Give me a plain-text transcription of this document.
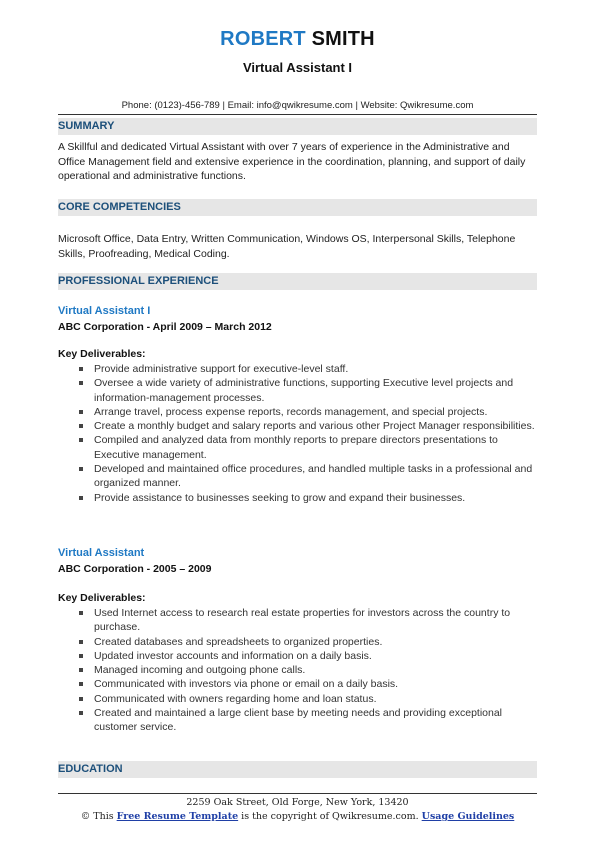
ROBERT SMITH
Virtual Assistant I
Phone: (0123)-456-789 | Email: info@qwikresume.com | Website: Qwikresume.com
SUMMARY
A Skillful and dedicated Virtual Assistant with over 7 years of experience in the Administrative and Office Management field and extensive experience in the coordination, planning, and support of daily operational and administrative functions.
CORE COMPETENCIES
Microsoft Office, Data Entry, Written Communication, Windows OS, Interpersonal Skills, Telephone Skills, Proofreading, Medical Coding.
PROFESSIONAL EXPERIENCE
Virtual Assistant I
ABC Corporation - April 2009 – March 2012
Key Deliverables:
Provide administrative support for executive-level staff.
Oversee a wide variety of administrative functions, supporting Executive level projects and information-management processes.
Arrange travel, process expense reports, records management, and special projects.
Create a monthly budget and salary reports and various other Project Manager responsibilities.
Compiled and analyzed data from monthly reports to prepare directors presentations to Executive management.
Developed and maintained office procedures, and handled multiple tasks in a professional and organized manner.
Provide assistance to businesses seeking to grow and expand their businesses.
Virtual Assistant
ABC Corporation - 2005 – 2009
Key Deliverables:
Used Internet access to research real estate properties for investors across the country to purchase.
Created databases and spreadsheets to organized properties.
Updated investor accounts and information on a daily basis.
Managed incoming and outgoing phone calls.
Communicated with investors via phone or email on a daily basis.
Communicated with owners regarding home and loan status.
Created and maintained a large client base by meeting needs and providing exceptional customer service.
EDUCATION
2259 Oak Street, Old Forge, New York, 13420
© This Free Resume Template is the copyright of Qwikresume.com. Usage Guidelines
